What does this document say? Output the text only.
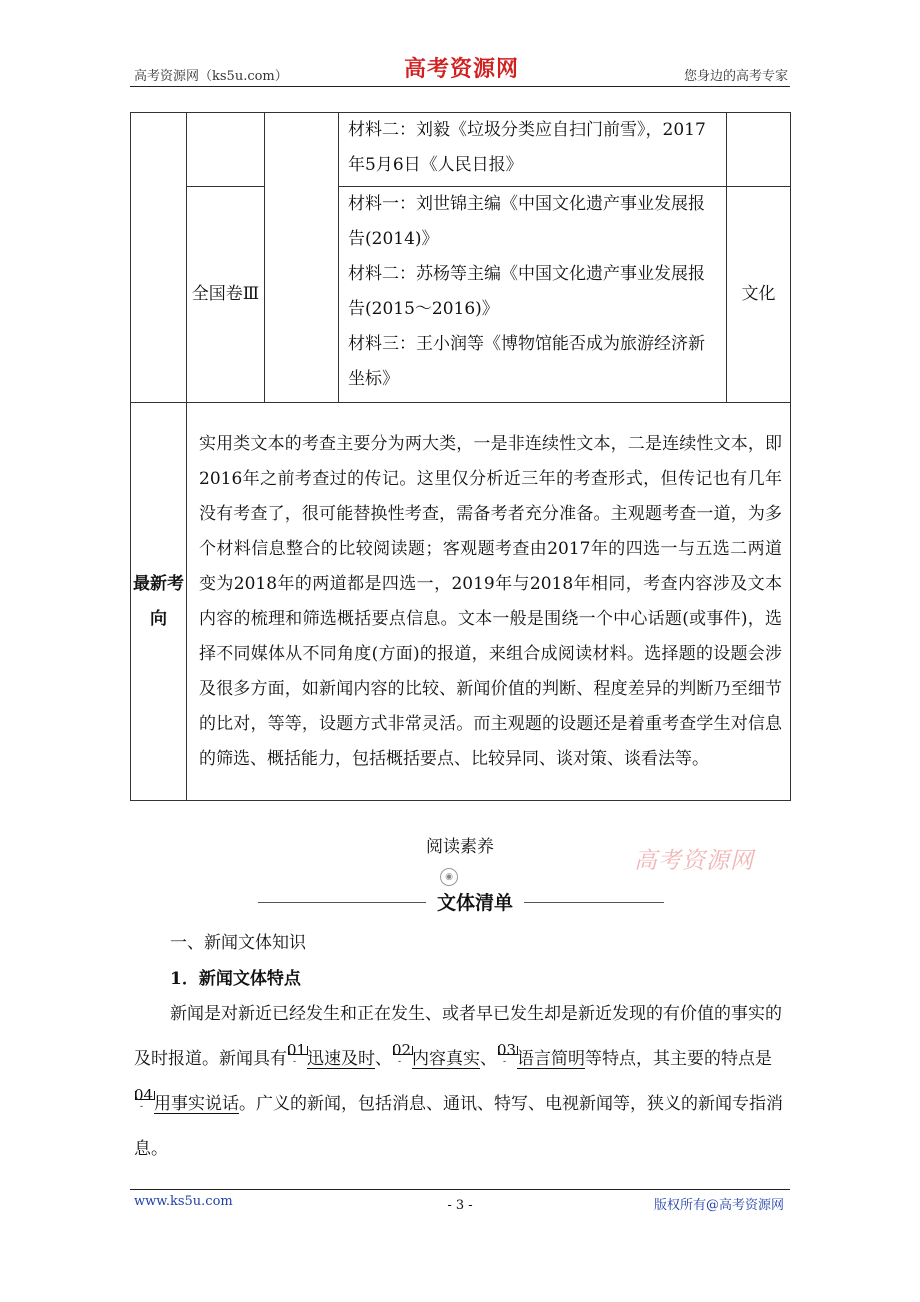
高考资源网（ks5u.com）	高考资源网	您身边的高考专家
			材料二：刘毅《垃圾分类应自扫门前雪》，2017年5月6日《人民日报》	
	全国卷Ⅲ		材料一：刘世锦主编《中国文化遗产事业发展报告(2014)》
材料二：苏杨等主编《中国文化遗产事业发展报告(2015～2016)》
材料三：王小润等《博物馆能否成为旅游经济新坐标》	文化
最新考向	实用类文本的考查主要分为两大类，一是非连续性文本，二是连续性文本，即2016年之前考查过的传记。这里仅分析近三年的考查形式，但传记也有几年没有考查了，很可能替换性考查，需备考者充分准备。主观题考查一道，为多个材料信息整合的比较阅读题；客观题考查由2017年的四选一与五选二两道变为2018年的两道都是四选一，2019年与2018年相同，考查内容涉及文本内容的梳理和筛选概括要点信息。文本一般是围绕一个中心话题(或事件)，选择不同媒体从不同角度(方面)的报道，来组合成阅读材料。选择题的设题会涉及很多方面，如新闻内容的比较、新闻价值的判断、程度差异的判断乃至细节的比对，等等，设题方式非常灵活。而主观题的设题还是着重考查学生对信息的筛选、概括能力，包括概括要点、比较异同、谈对策、谈看法等。			
阅读素养
高考资源网
◉
文体清单
一、新闻文体知识
1．新闻文体特点
新闻是对新近已经发生和正在发生、或者早已发生却是新近发现的有价值的事实的及时报道。新闻具有 01
- 迅速及时、 02
- 内容真实、 03
- 语言简明等特点，其主要的特点是
04
- 用事实说话。广义的新闻，包括消息、通讯、特写、电视新闻等，狭义的新闻专指消息。
www.ks5u.com	- 3 -	版权所有@高考资源网
